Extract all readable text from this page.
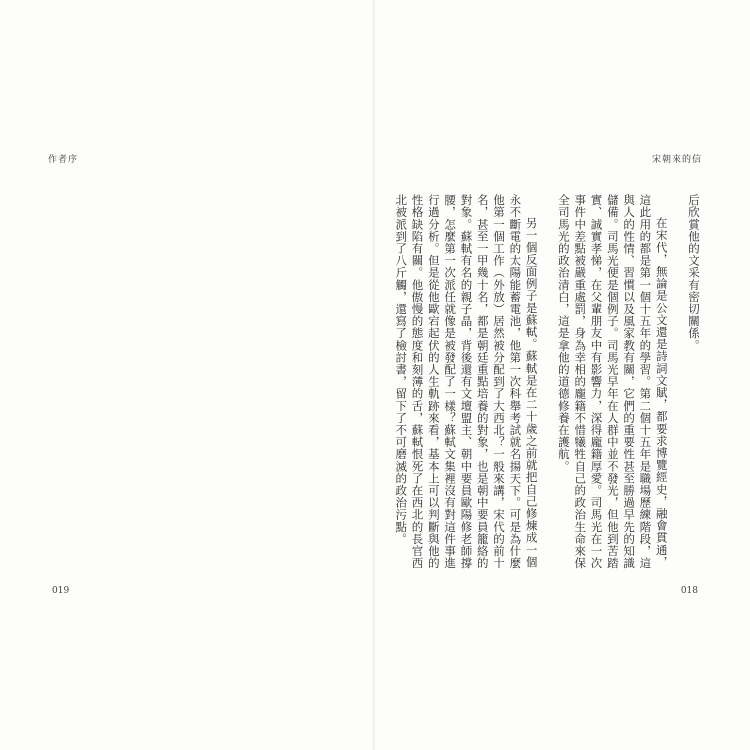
作者序

019
宋朝來的信

后欣賞他的文采有密切關係。

在宋代，無論是公文還是詩詞文賦，都要求博覽經史，融會貫通，這此用的都是第一個十五年的學習。第二個十五年是職場歷練階段，這與人的性情、習慣以及風家教有關，它們的重要性甚至勝過早先的知識儲備。司馬光便是個例子。司馬光早年在人群中並不發光，但他到苦踏實、誠實孝悌，在父輩朋友中有影響力，深得龐籍厚愛。司馬光在一次事件中差點被嚴重處罰，身為幸相的龐籍不惜犧牲自己的政治生命來保全司馬光的政治清白，這是拿他的道德修養在護航。

另一個反面例子是蘇軾。蘇軾是在二十歲之前就把自己修煉成一個永不斷電的太陽能蓄電池，他第一次科舉考試就名揚天下。可是為什麼他第一個工作（外放）居然被分配到了大西北？一般來講，宋代的前十名，甚至一甲幾十名，都是朝廷重點培養的對象，也是朝中要員籠絡的對象。蘇軾有名的親子晶，背後還有文壇盟主、朝中要員歐陽修老師撐腰，怎麼第一次派任就像是被發配了一樣？蘇軾文集裡沒有對這件事進行過分析。但是從他歐宕起伏的人生軌跡來看，基本上可以判斷與他的性格缺陷有關。他傲慢的態度和刻薄的舌，蘇軾恨死了在西北的長官西北被派到了八斤觸，還寫了檢討書，留下了不可磨滅的政治污點。

018
